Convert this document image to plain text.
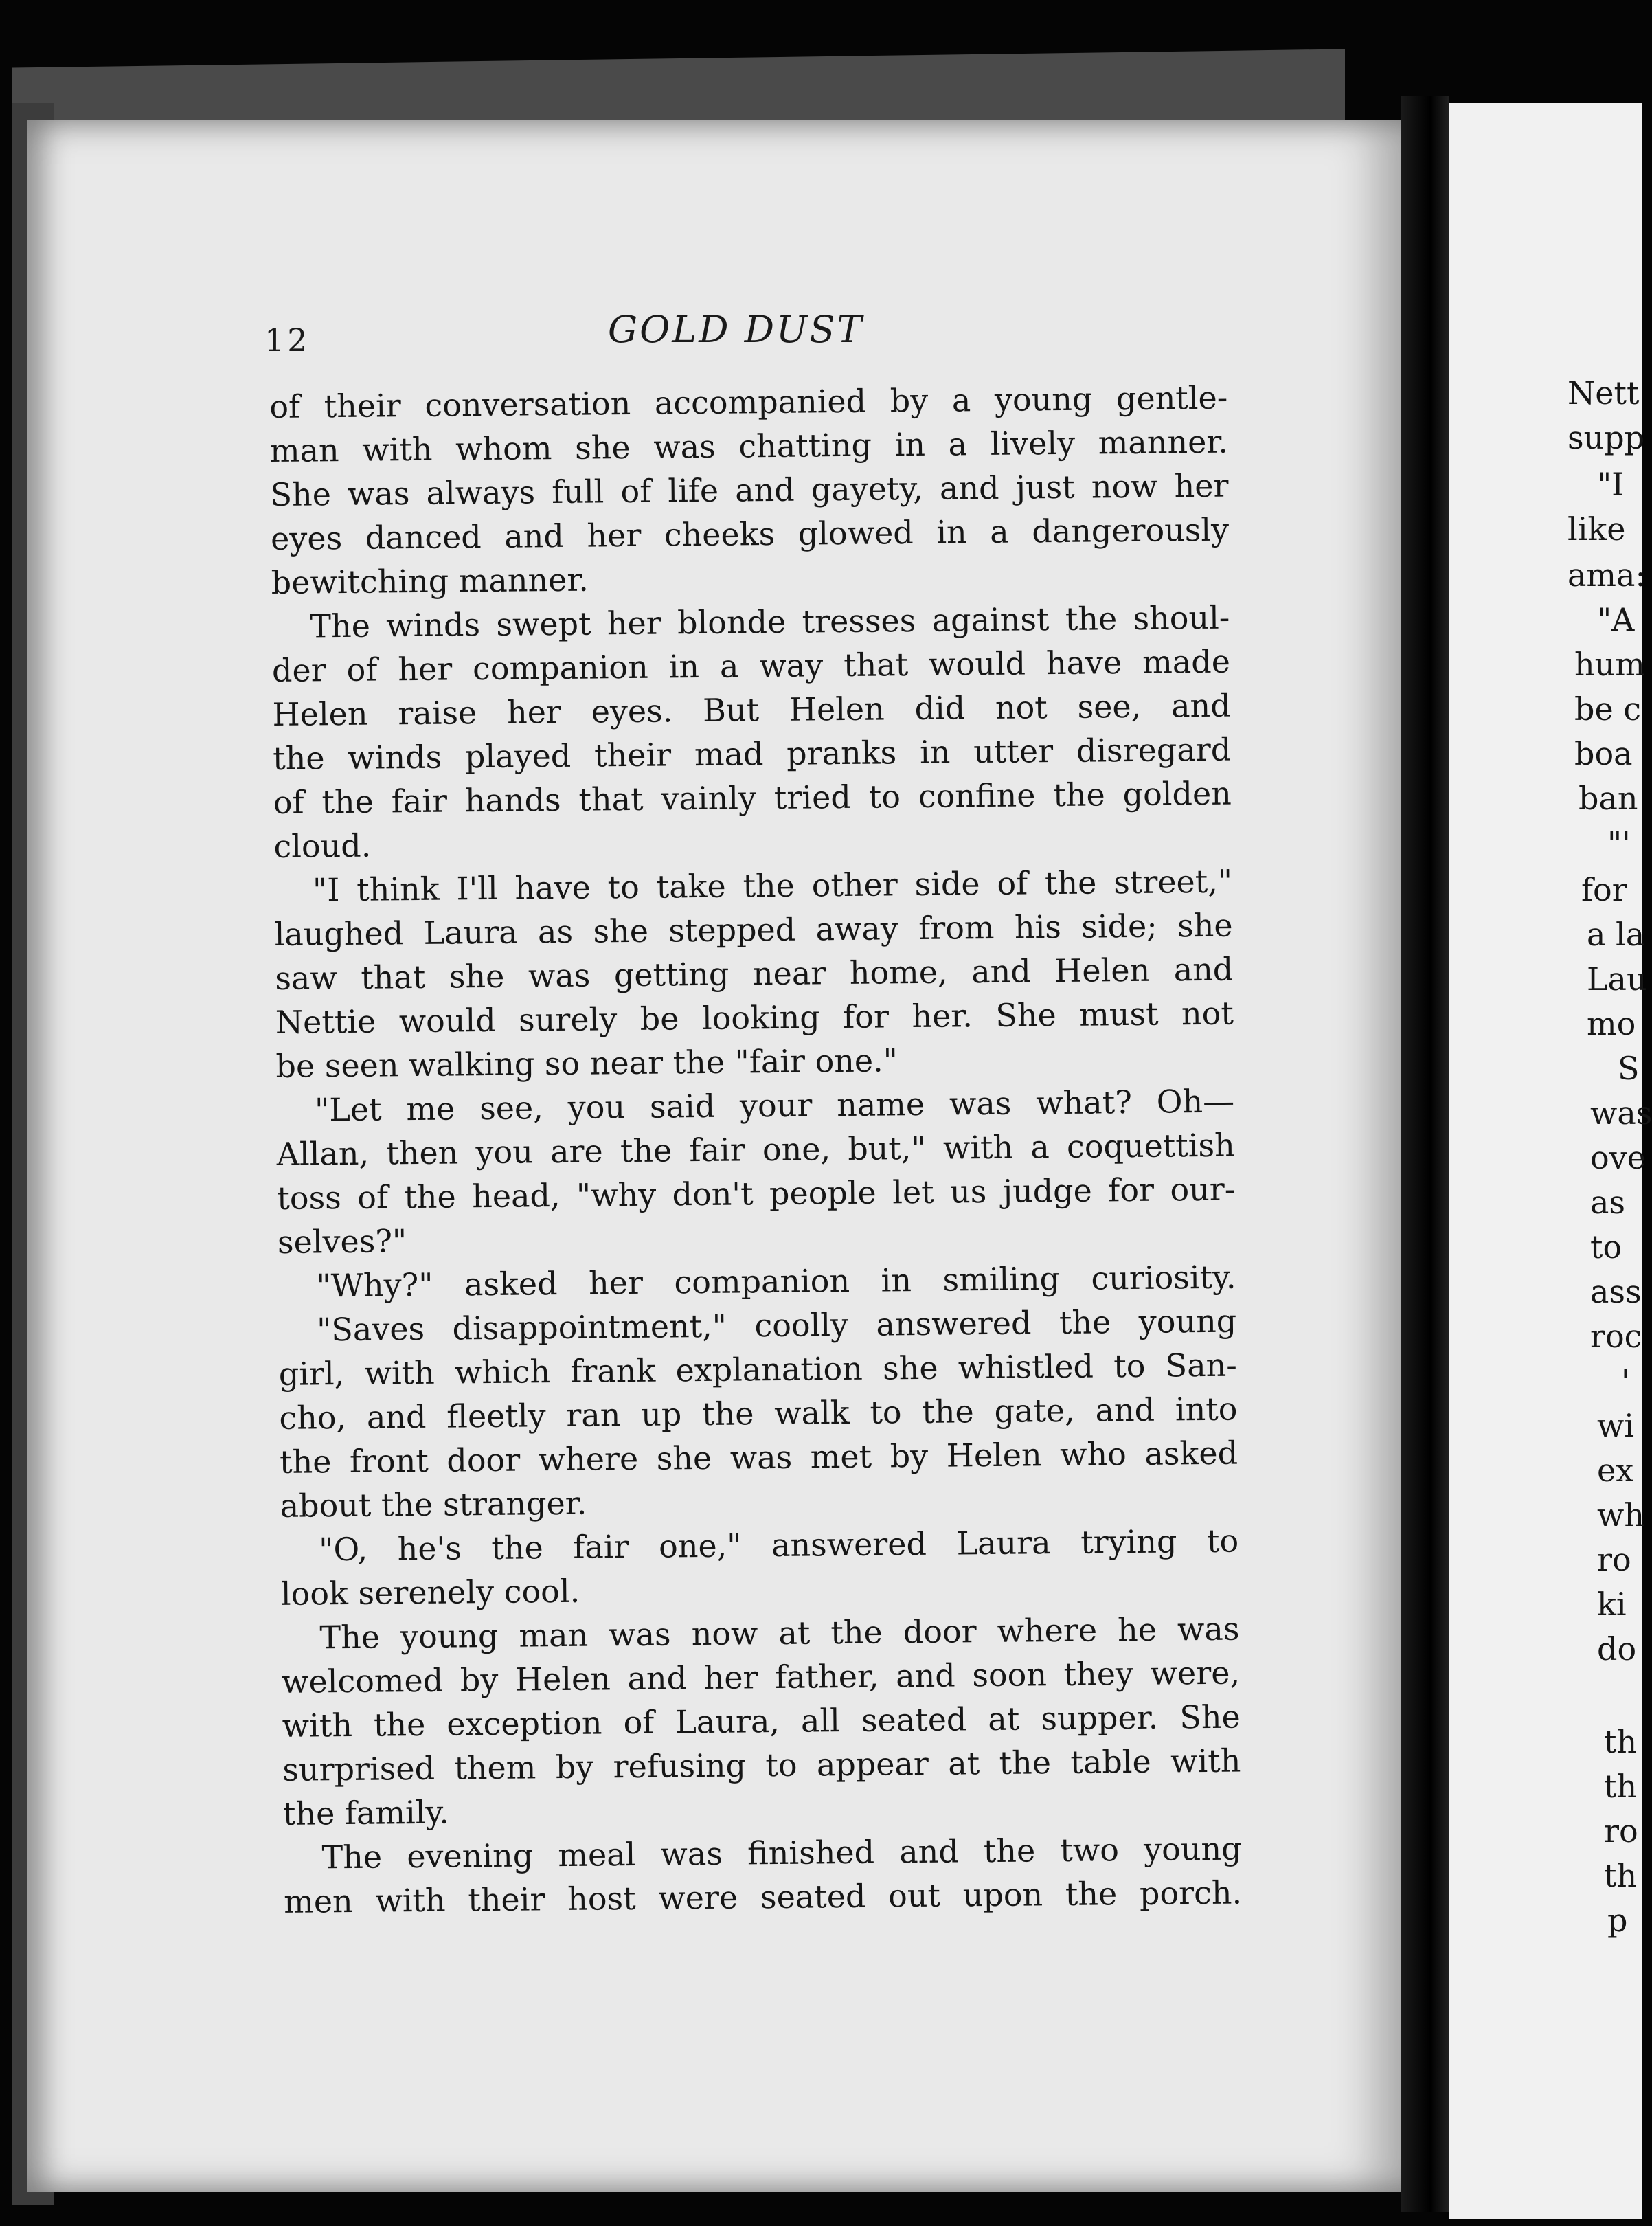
Nett
supp
"I
like
ama:
"A
hum
be c
boa
ban
"'
for
a la
Lau
mo
S
was
ove
as
to
ass
roc
'
wi
ex
wh
ro
ki
do
th
th
ro
th
p
12	GOLD DUST
of their conversation accompanied by a young gentle-
man with whom she was chatting in a lively manner.
She was always full of life and gayety, and just now her
eyes danced and her cheeks glowed in a dangerously
bewitching manner.
The winds swept her blonde tresses against the shoul-
der of her companion in a way that would have made
Helen raise her eyes. But Helen did not see, and
the winds played their mad pranks in utter disregard
of the fair hands that vainly tried to confine the golden
cloud.
"I think I'll have to take the other side of the street,"
laughed Laura as she stepped away from his side; she
saw that she was getting near home, and Helen and
Nettie would surely be looking for her. She must not
be seen walking so near the "fair one."
"Let me see, you said your name was what? Oh—
Allan, then you are the fair one, but," with a coquettish
toss of the head, "why don't people let us judge for our-
selves?"
"Why?" asked her companion in smiling curiosity.
"Saves disappointment," coolly answered the young
girl, with which frank explanation she whistled to San-
cho, and fleetly ran up the walk to the gate, and into
the front door where she was met by Helen who asked
about the stranger.
"O, he's the fair one," answered Laura trying to
look serenely cool.
The young man was now at the door where he was
welcomed by Helen and her father, and soon they were,
with the exception of Laura, all seated at supper. She
surprised them by refusing to appear at the table with
the family.
The evening meal was finished and the two young
men with their host were seated out upon the porch.
